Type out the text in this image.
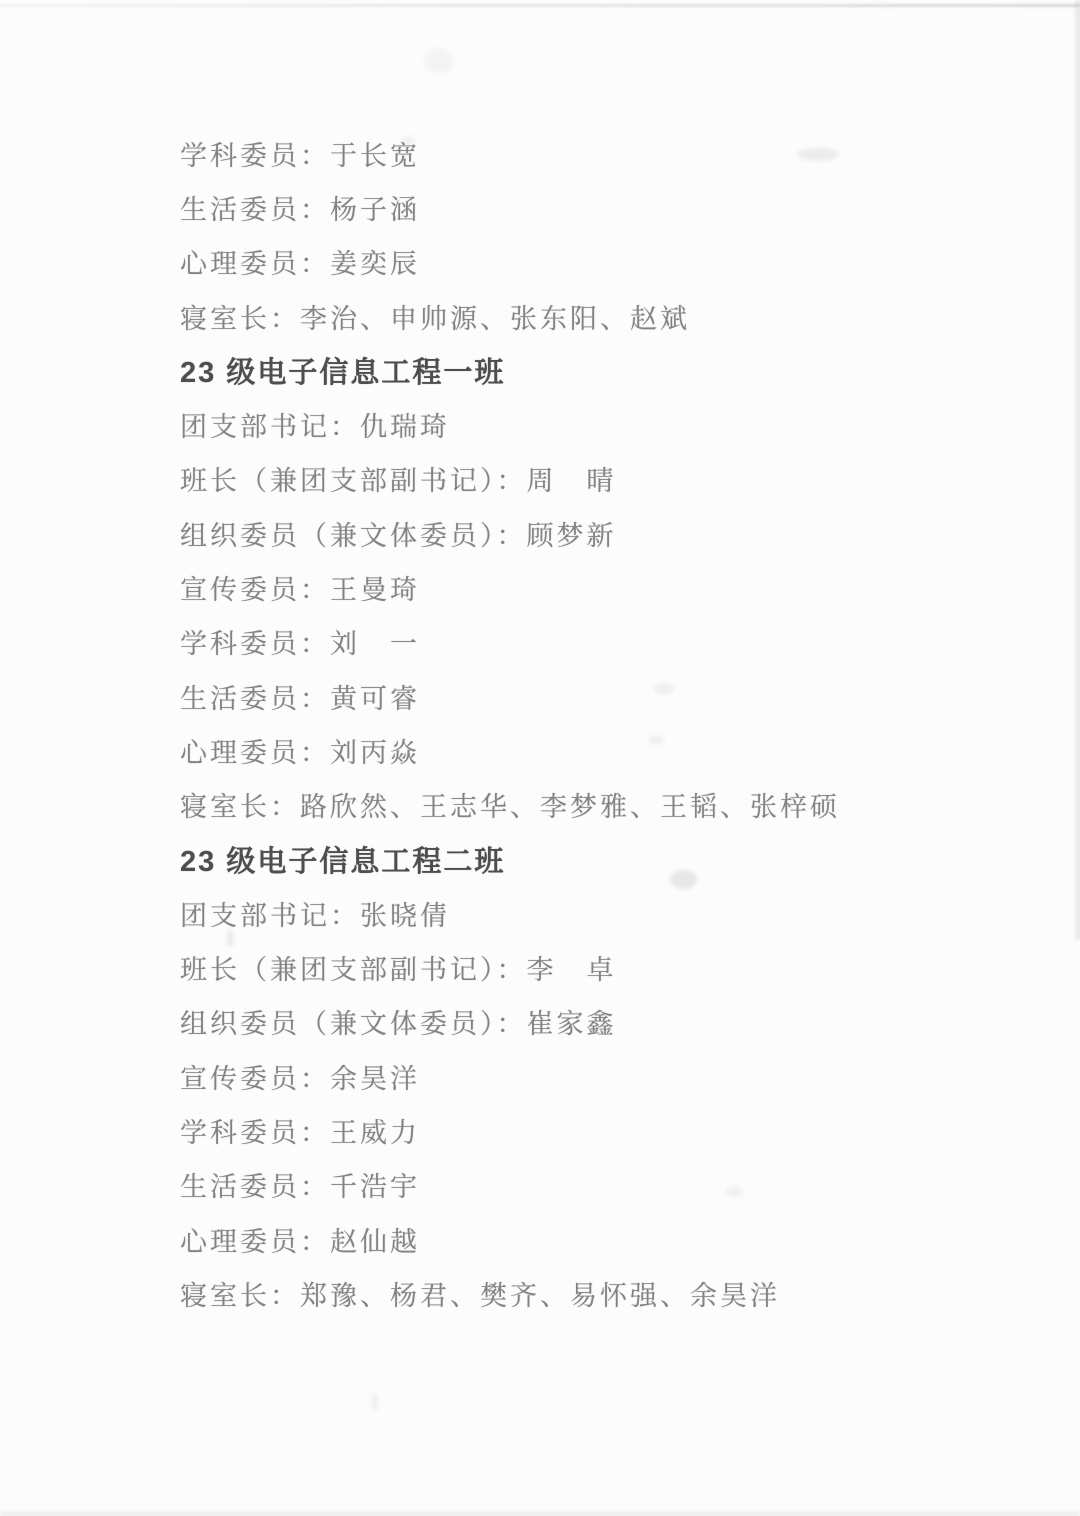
学科委员：于长宽
生活委员：杨子涵
心理委员：姜奕辰
寝室长：李治、申帅源、张东阳、赵斌
23 级电子信息工程一班
团支部书记：仇瑞琦
班长（兼团支部副书记）：周　晴
组织委员（兼文体委员）：顾梦新
宣传委员：王曼琦
学科委员：刘　一
生活委员：黄可睿
心理委员：刘丙焱
寝室长：路欣然、王志华、李梦雅、王韬、张梓硕
23 级电子信息工程二班
团支部书记：张晓倩
班长（兼团支部副书记）：李　卓
组织委员（兼文体委员）：崔家鑫
宣传委员：余昊洋
学科委员：王威力
生活委员：千浩宇
心理委员：赵仙越
寝室长：郑豫、杨君、樊齐、易怀强、余昊洋
